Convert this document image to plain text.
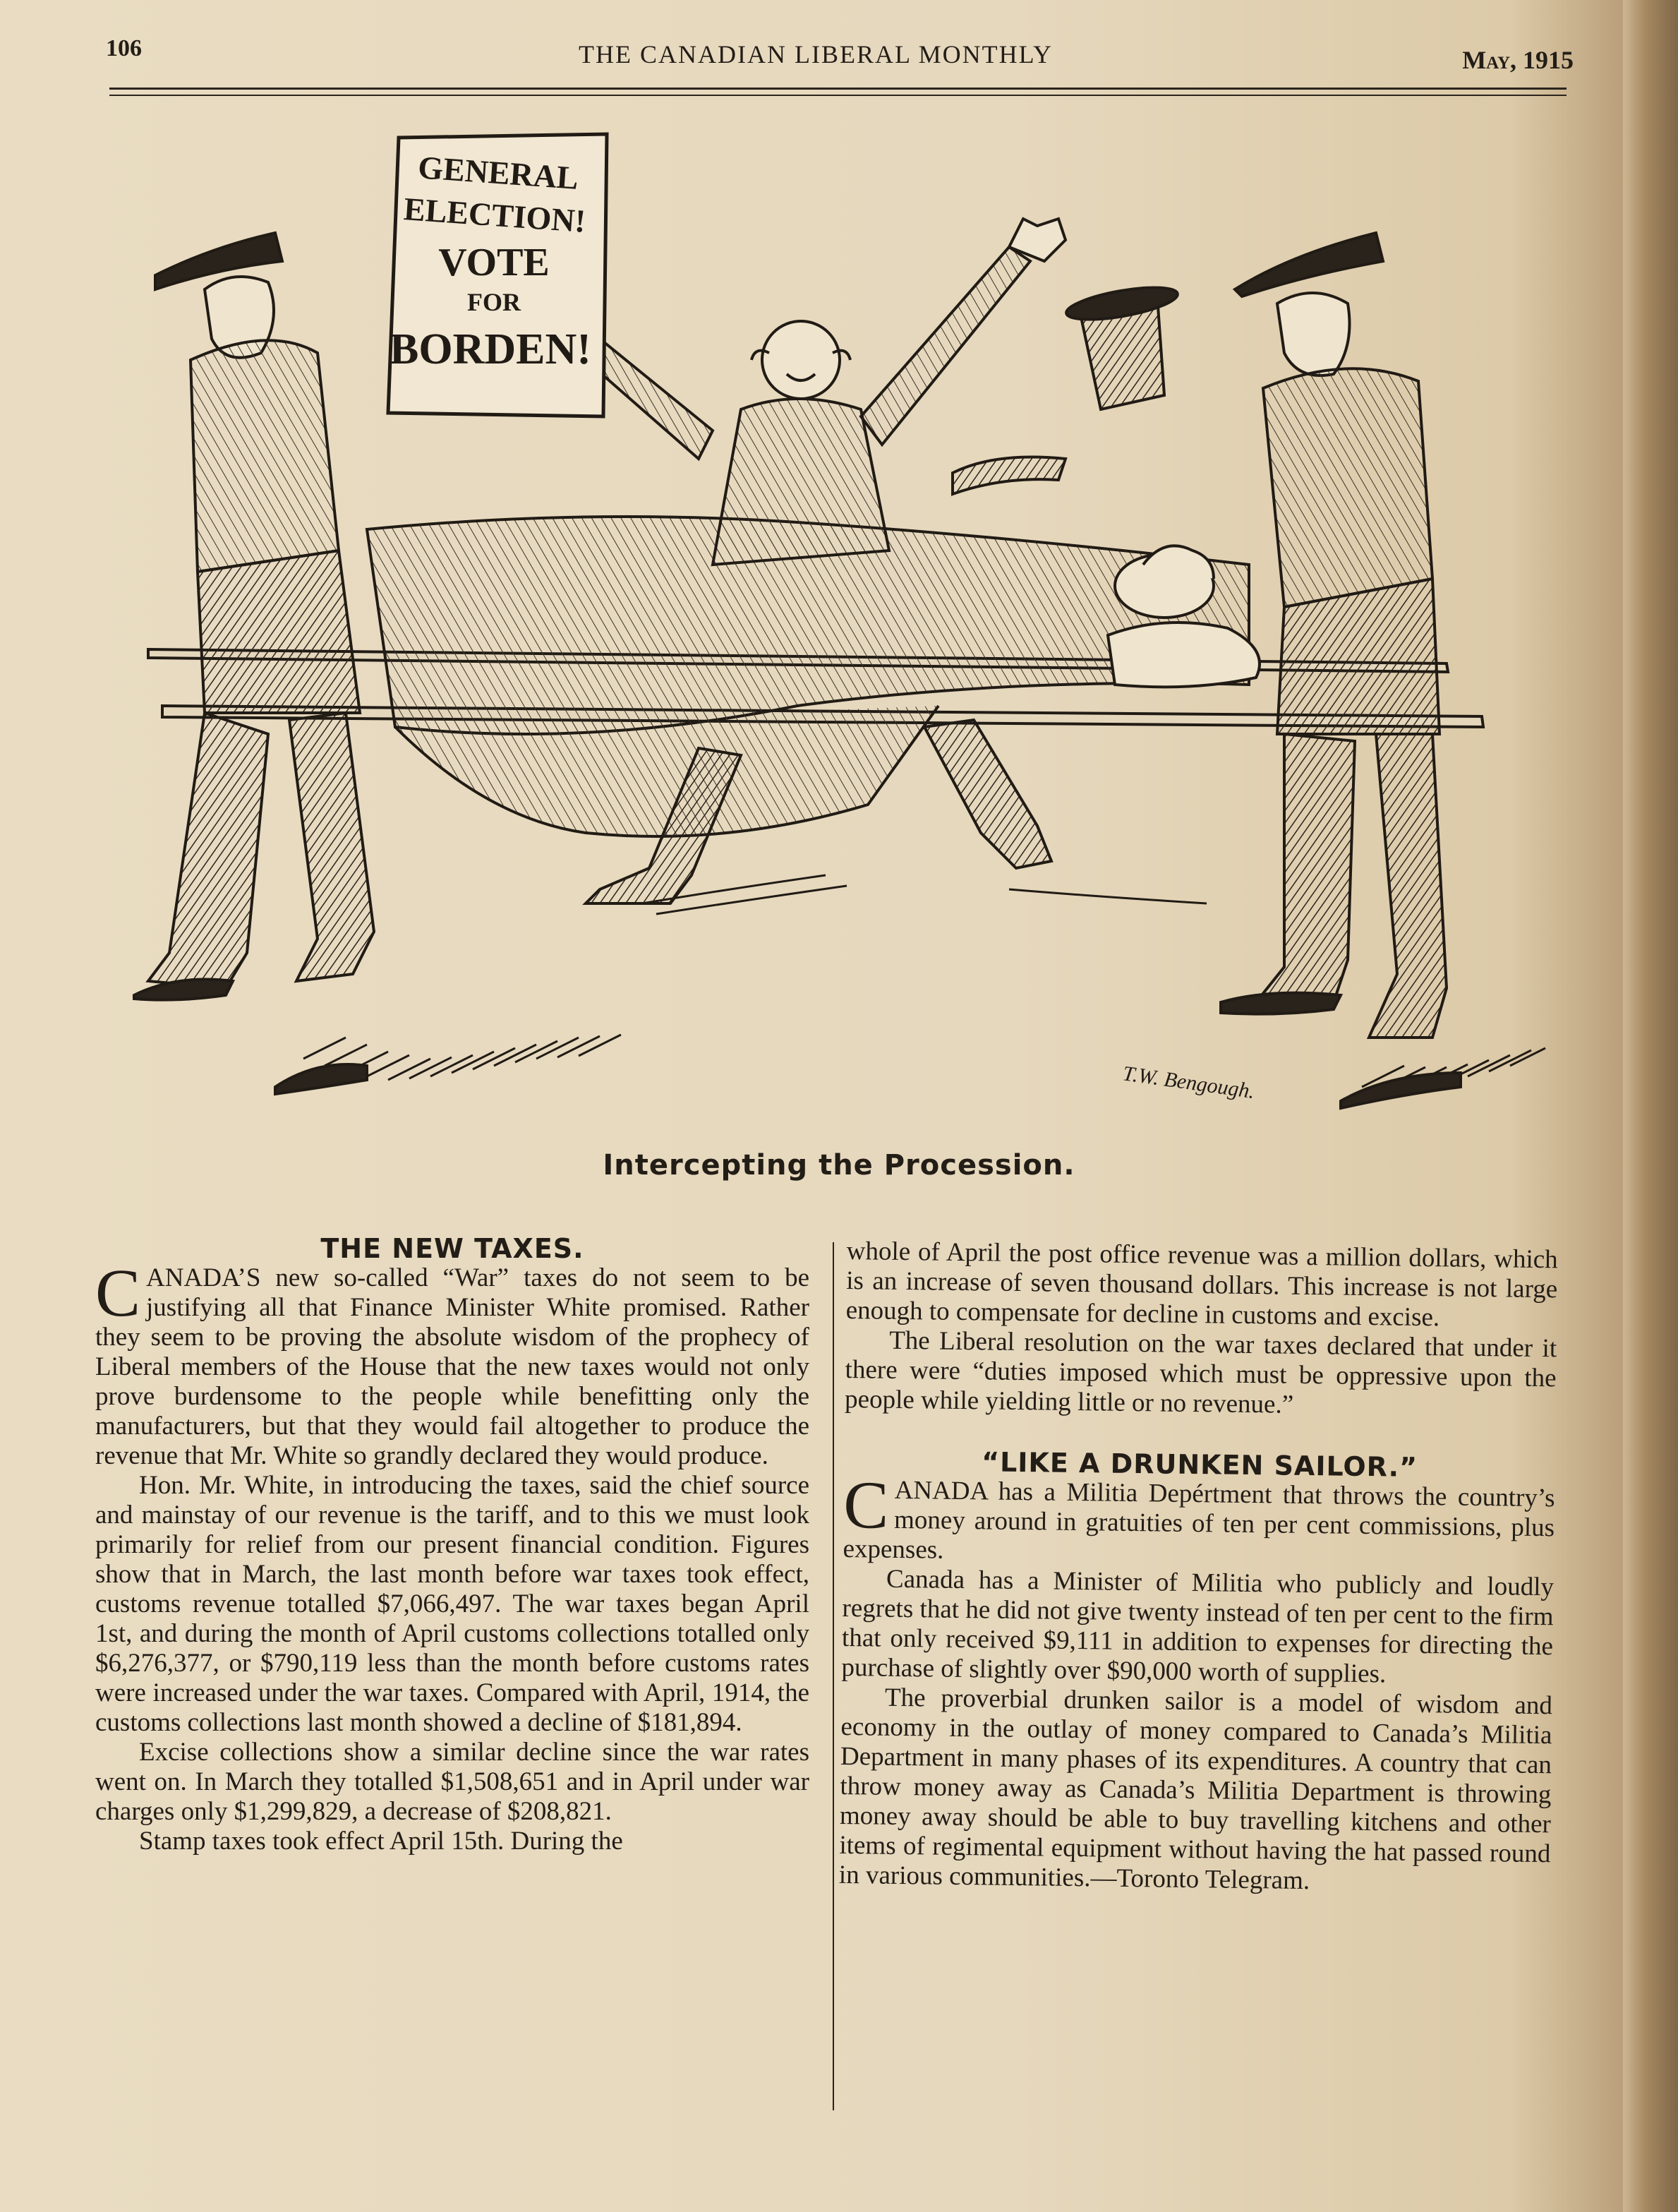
106	THE CANADIAN LIBERAL MONTHLY	May, 1915
GENERAL
ELECTION!
VOTE
FOR
BORDEN!
T.W. Bengough.
Intercepting the Procession.

THE NEW TAXES.

CANADA’S new so-called “War” taxes do not seem to be justifying all that Finance Minister White promised. Rather they seem to be proving the absolute wisdom of the prophecy of Liberal members of the House that the new taxes would not only prove burdensome to the people while benefitting only the manufacturers, but that they would fail altogether to produce the revenue that Mr. White so grandly declared they would produce.

Hon. Mr. White, in introducing the taxes, said the chief source and mainstay of our revenue is the tariff, and to this we must look primarily for relief from our present financial condition. Figures show that in March, the last month before war taxes took effect, customs revenue totalled $7,066,497. The war taxes began April 1st, and during the month of April customs collections totalled only $6,276,377, or $790,119 less than the month before customs rates were increased under the war taxes. Compared with April, 1914, the customs collections last month showed a decline of $181,894.

Excise collections show a similar decline since the war rates went on. In March they totalled $1,508,651 and in April under war charges only $1,299,829, a decrease of $208,821.

Stamp taxes took effect April 15th. During the

whole of April the post office revenue was a million dollars, which is an increase of seven thousand dollars. This increase is not large enough to compensate for decline in customs and excise.

The Liberal resolution on the war taxes declared that under it there were “duties imposed which must be oppressive upon the people while yielding little or no revenue.”

“LIKE A DRUNKEN SAILOR.”

CANADA has a Militia Depértment that throws the country’s money around in gratuities of ten per cent commissions, plus expenses.

Canada has a Minister of Militia who publicly and loudly regrets that he did not give twenty instead of ten per cent to the firm that only received $9,111 in addition to expenses for directing the purchase of slightly over $90,000 worth of supplies.

The proverbial drunken sailor is a model of wisdom and economy in the outlay of money compared to Canada’s Militia Department in many phases of its expenditures. A country that can throw money away as Canada’s Militia Department is throwing money away should be able to buy travelling kitchens and other items of regimental equipment without having the hat passed round in various communities.—Toronto Telegram.
